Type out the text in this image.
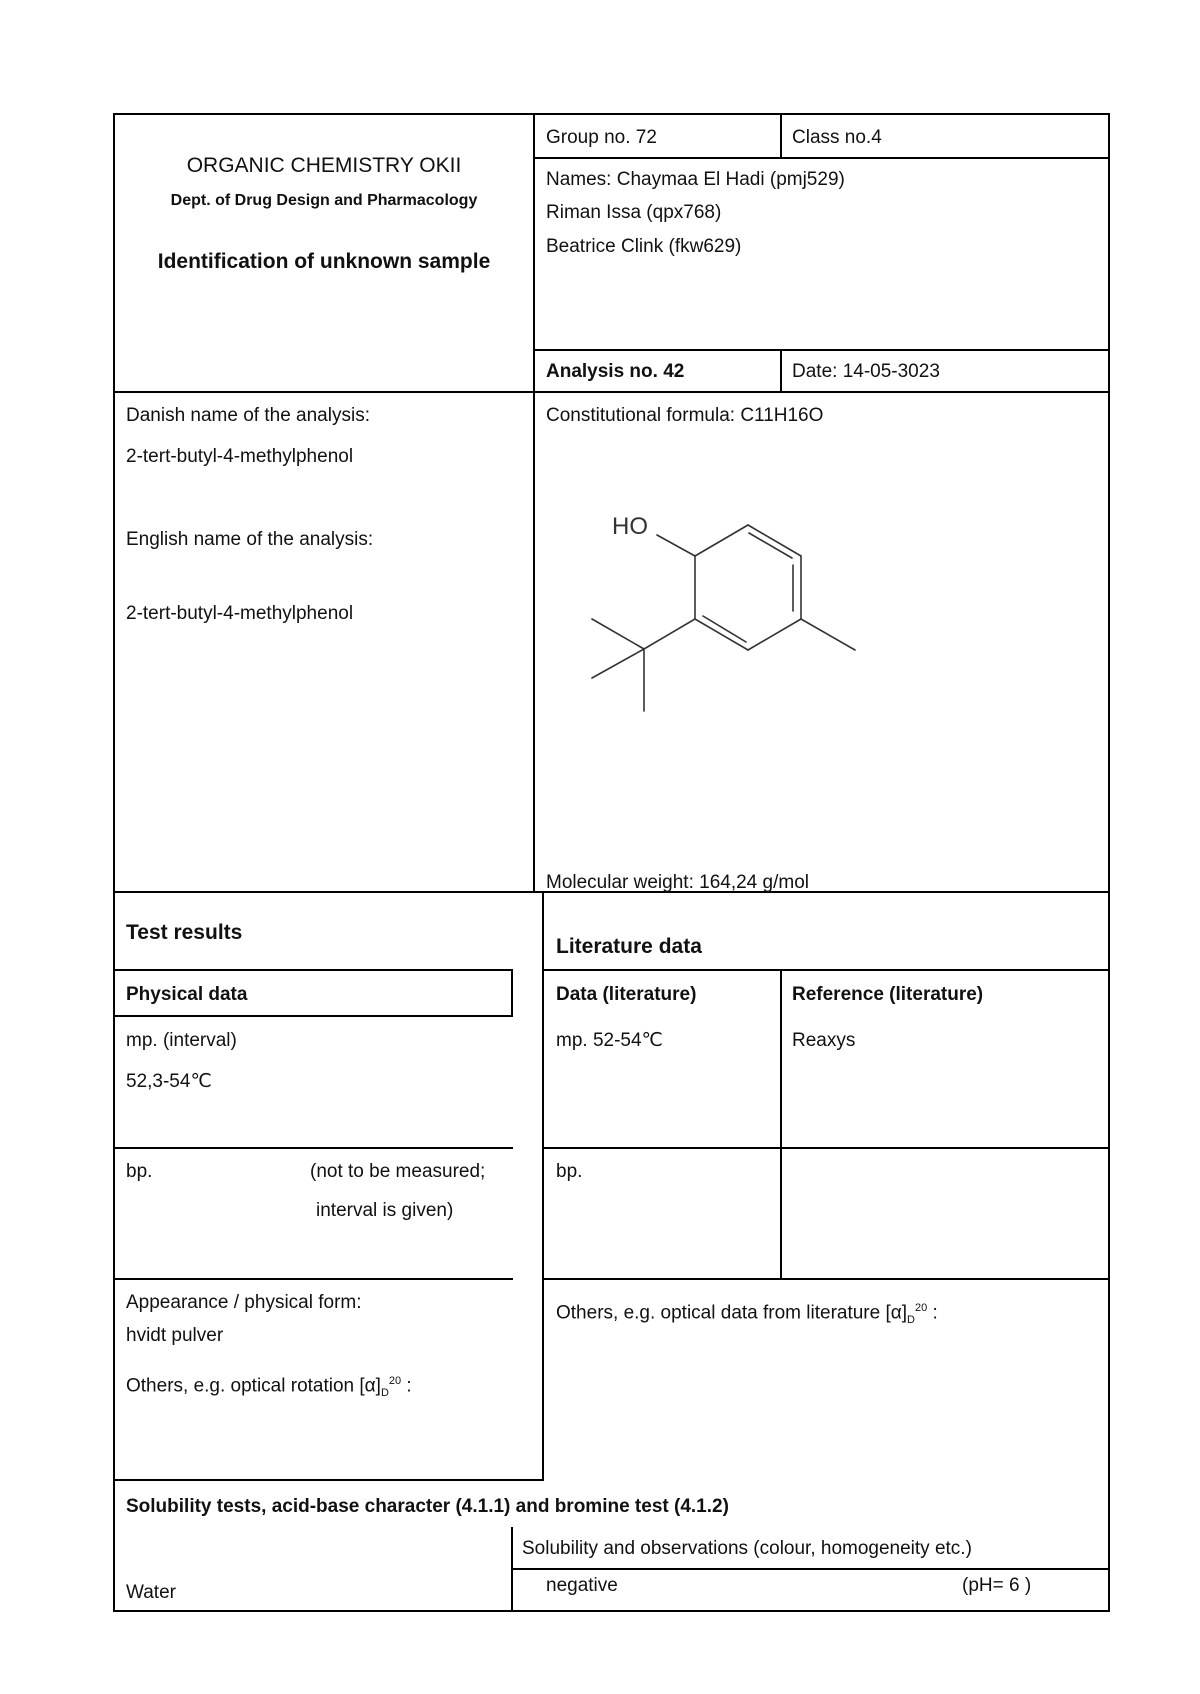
ORGANIC CHEMISTRY OKII
Dept. of Drug Design and Pharmacology
Identification of unknown sample
Group no. 72	Class no.4
Names: Chaymaa El Hadi (pmj529)
Riman Issa (qpx768)
Beatrice Clink (fkw629)
Analysis no. 42	Date: 14-05-3023
Danish name of the analysis:
2-tert-butyl-4-methylphenol
English name of the analysis:
2-tert-butyl-4-methylphenol
Constitutional formula: C11H16O
HO
Molecular weight: 164,24 g/mol
Test results
Physical data
mp. (interval)
52,3-54℃
bp.	(not to be measured;
interval is given)
Appearance / physical form:
hvidt pulver
Others, e.g. optical rotation $[\alpha]_D^{20}$ :
Literature data
Data (literature)	Reference (literature)
mp. 52-54℃	Reaxys
bp.
Others, e.g. optical data from literature $[\alpha]_D^{20}$ :
Solubility tests, acid-base character (4.1.1) and bromine test (4.1.2)
Solubility and observations (colour, homogeneity etc.)
Water	negative	(pH= 6 )
